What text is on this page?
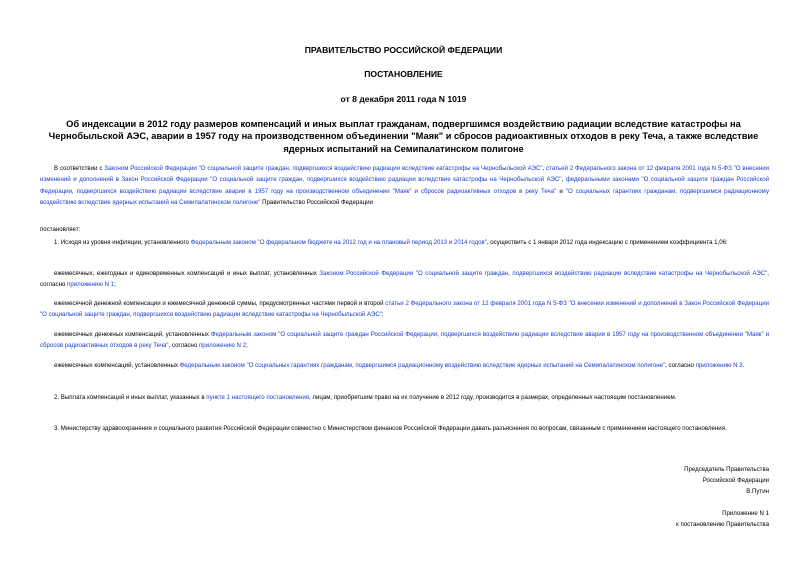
ПРАВИТЕЛЬСТВО РОССИЙСКОЙ ФЕДЕРАЦИИ
ПОСТАНОВЛЕНИЕ
от 8 декабря 2011 года N 1019
Об индексации в 2012 году размеров компенсаций и иных выплат гражданам, подвергшимся воздействию радиации вследствие катастрофы на Чернобыльской АЭС, аварии в 1957 году на производственном объединении "Маяк" и сбросов радиоактивных отходов в реку Теча, а также вследствие ядерных испытаний на Семипалатинском полигоне
В соответствии с Законом Российской Федерации "О социальной защите граждан, подвергшихся воздействию радиации вследствие катастрофы на Чернобыльской АЭС", статьей 2 Федерального закона от 12 февраля 2001 года N 5-ФЗ "О внесении изменений и дополнений в Закон Российской Федерации "О социальной защите граждан, подвергшихся воздействию радиации вследствие катастрофы на Чернобыльской АЭС", федеральными законами "О социальной защите граждан Российской Федерации, подвергшихся воздействию радиации вследствие аварии в 1957 году на производственном объединении "Маяк" и сбросов радиоактивных отходов в реку Теча" и "О социальных гарантиях гражданам, подвергшимся радиационному воздействию вследствие ядерных испытаний на Семипалатинском полигоне" Правительство Российской Федерации
постановляет:
1. Исходя из уровня инфляции, установленного Федеральным законом "О федеральном бюджете на 2012 год и на плановый период 2013 и 2014 годов", осуществить с 1 января 2012 года индексацию с применением коэффициента 1,06:
ежемесячных, ежегодных и единовременных компенсаций и иных выплат, установленных Законом Российской Федерации "О социальной защите граждан, подвергшихся воздействию радиации вследствие катастрофы на Чернобыльской АЭС", согласно приложению N 1;
ежемесячной денежной компенсации и ежемесячной денежной суммы, предусмотренных частями первой и второй статьи 2 Федерального закона от 12 февраля 2001 года N 5-ФЗ "О внесении изменений и дополнений в Закон Российской Федерации "О социальной защите граждан, подвергшихся воздействию радиации вследствие катастрофы на Чернобыльской АЭС";
ежемесячных денежных компенсаций, установленных Федеральным законом "О социальной защите граждан Российской Федерации, подвергшихся воздействию радиации вследствие аварии в 1957 году на производственном объединении "Маяк" и сбросов радиоактивных отходов в реку Теча", согласно приложению N 2;
ежемесячных компенсаций, установленных Федеральным законом "О социальных гарантиях гражданам, подвергшимся радиационному воздействию вследствие ядерных испытаний на Семипалатинском полигоне", согласно приложению N 3.
2. Выплата компенсаций и иных выплат, указанных в пункте 1 настоящего постановления, лицам, приобретшим право на их получение в 2012 году, производится в размерах, определенных настоящим постановлением.
3. Министерству здравоохранения и социального развития Российской Федерации совместно с Министерством финансов Российской Федерации давать разъяснения по вопросам, связанным с применением настоящего постановления.
Председатель Правительства
Российской Федерации
В.Путин
Приложение N 1
к постановлению Правительства
